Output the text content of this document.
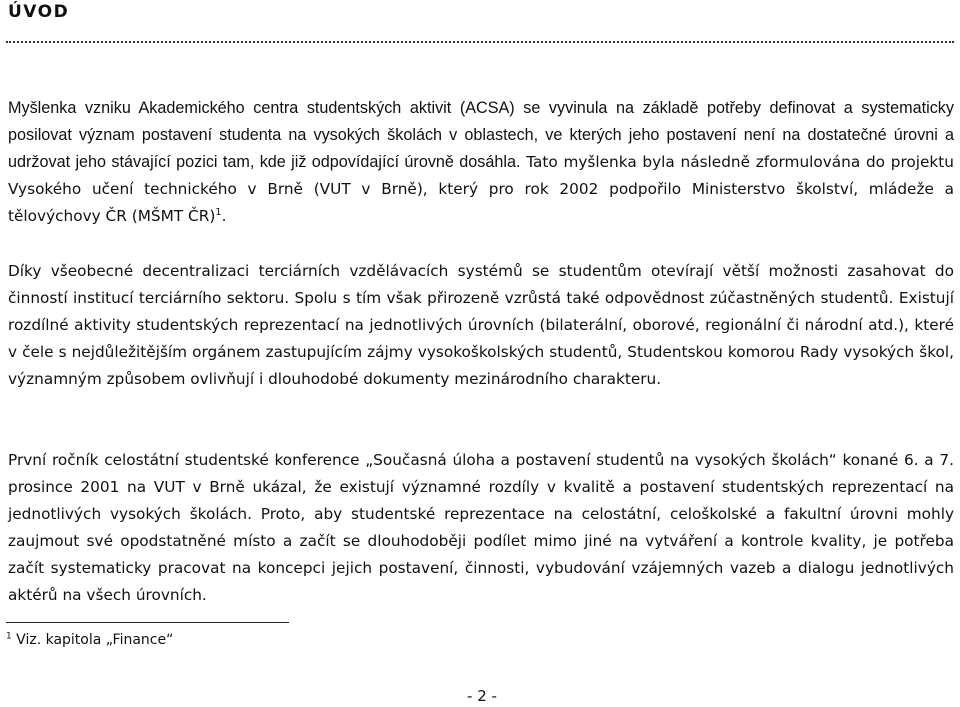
ÚVOD

Myšlenka vzniku Akademického centra studentských aktivit (ACSA) se vyvinula na základě potřeby definovat a systematicky posilovat význam postavení studenta na vysokých školách v oblastech, ve kterých jeho postavení není na dostatečné úrovni a udržovat jeho stávající pozici tam, kde již odpovídající úrovně dosáhla. Tato myšlenka byla následně zformulována do projektu Vysokého učení technického v Brně (VUT v Brně), který pro rok 2002 podpořilo Ministerstvo školství, mládeže a tělovýchovy ČR (MŠMT ČR)$^1$.

Díky všeobecné decentralizaci terciárních vzdělávacích systémů se studentům otevírají větší možnosti zasahovat do činností institucí terciárního sektoru. Spolu s tím však přirozeně vzrůstá také odpovědnost zúčastněných studentů. Existují rozdílné aktivity studentských reprezentací na jednotlivých úrovních (bilaterální, oborové, regionální či národní atd.), které v čele s nejdůležitějším orgánem zastupujícím zájmy vysokoškolských studentů, Studentskou komorou Rady vysokých škol, významným způsobem ovlivňují i dlouhodobé dokumenty mezinárodního charakteru.

První ročník celostátní studentské konference „Současná úloha a postavení studentů na vysokých školách“ konané 6. a 7. prosince 2001 na VUT v Brně ukázal, že existují významné rozdíly v kvalitě a postavení studentských reprezentací na jednotlivých vysokých školách. Proto, aby studentské reprezentace na celostátní, celoškolské a fakultní úrovni mohly zaujmout své opodstatněné místo a začít se dlouhodoběji podílet mimo jiné na vytváření a kontrole kvality, je potřeba začít systematicky pracovat na koncepci jejich postavení, činnosti, vybudování vzájemných vazeb a dialogu jednotlivých aktérů na všech úrovních.

$^1$ Viz. kapitola „Finance“

- 2 -
